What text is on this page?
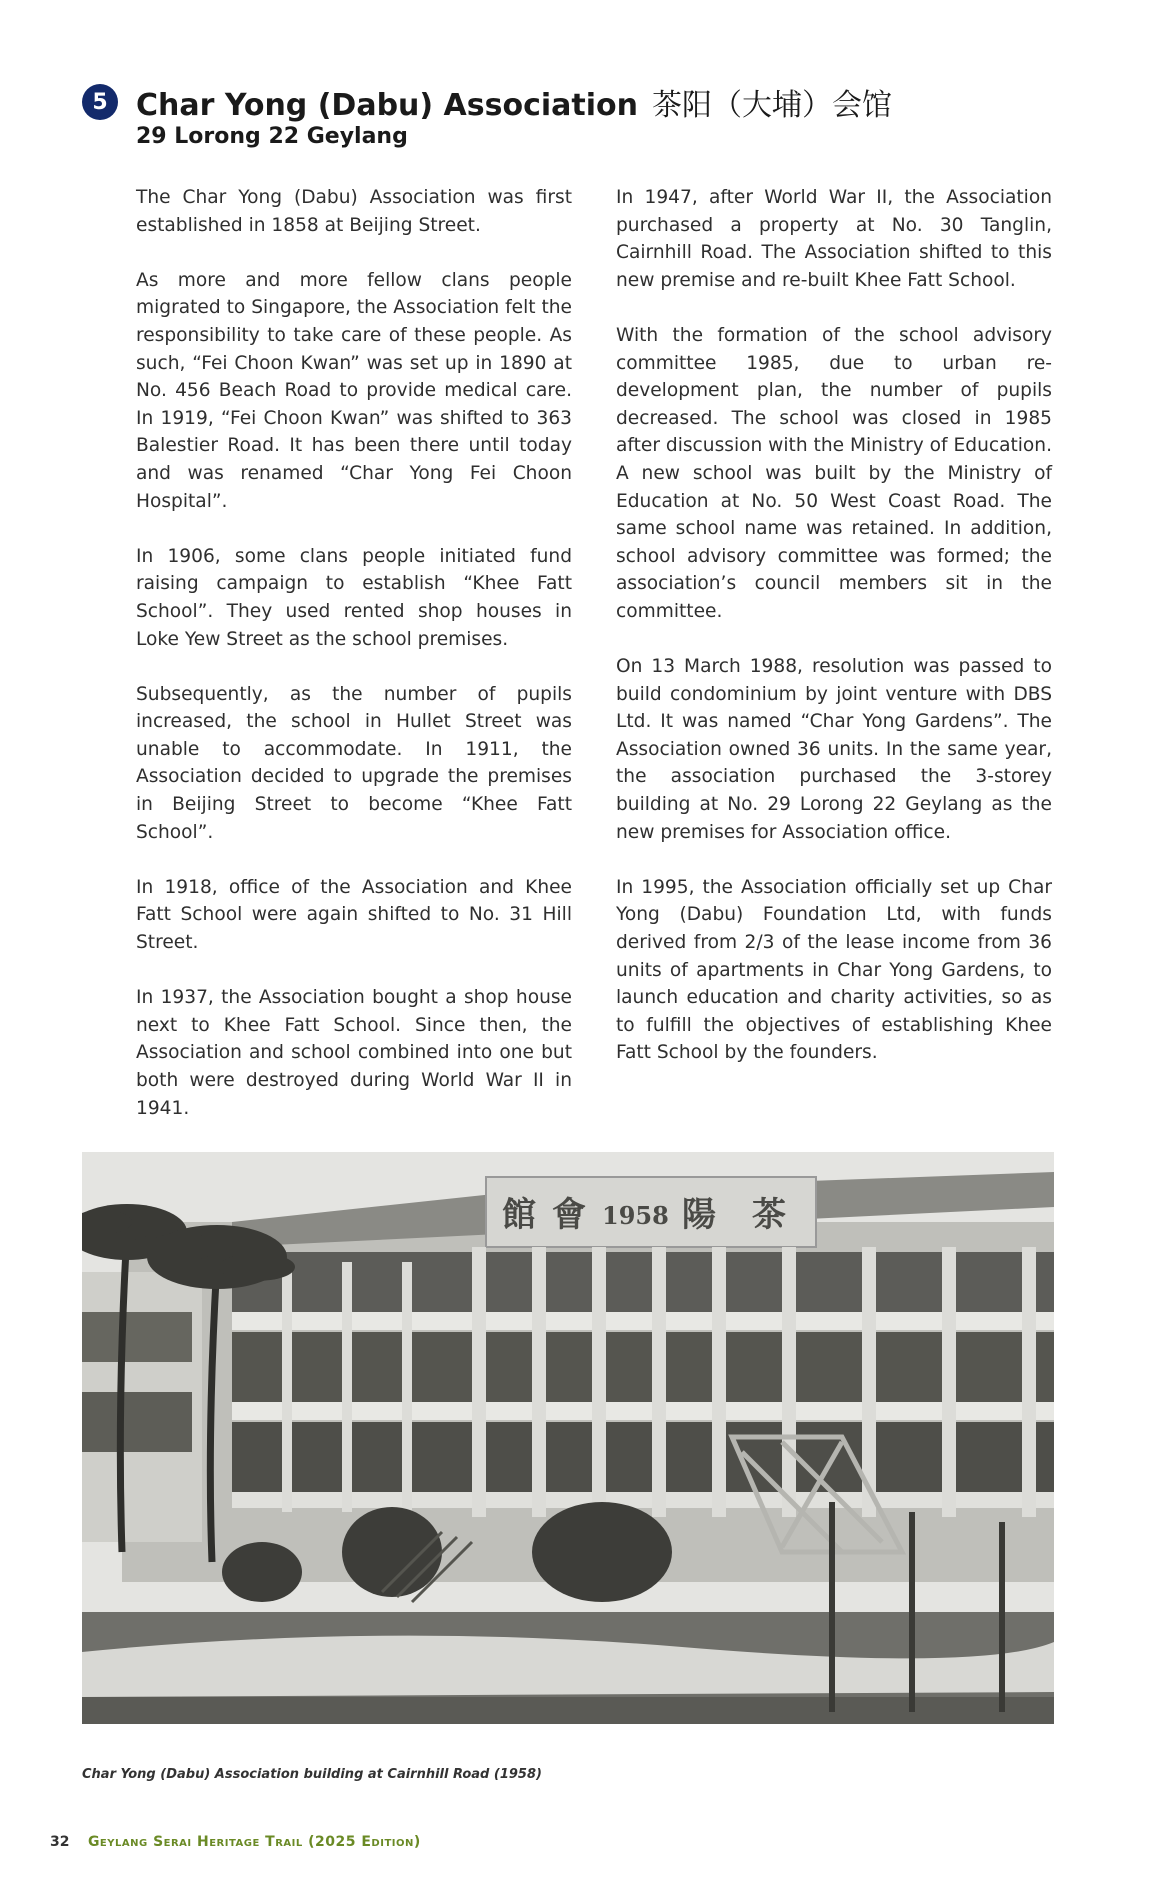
5 Char Yong (Dabu) Association 茶阳（大埔）会馆
29 Lorong 22 Geylang

The Char Yong (Dabu) Association was first established in 1858 at Beijing Street.

As more and more fellow clans people migrated to Singapore, the Association felt the responsibility to take care of these people. As such, “Fei Choon Kwan” was set up in 1890 at No. 456 Beach Road to provide medical care. In 1919, “Fei Choon Kwan” was shifted to 363 Balestier Road. It has been there until today and was renamed “Char Yong Fei Choon Hospital”.

In 1906, some clans people initiated fund raising campaign to establish “Khee Fatt School”. They used rented shop houses in Loke Yew Street as the school premises.

Subsequently, as the number of pupils increased, the school in Hullet Street was unable to accommodate. In 1911, the Association decided to upgrade the premises in Beijing Street to become “Khee Fatt School”.

In 1918, office of the Association and Khee Fatt School were again shifted to No. 31 Hill Street.

In 1937, the Association bought a shop house next to Khee Fatt School. Since then, the Association and school combined into one but both were destroyed during World War II in 1941.

In 1947, after World War II, the Association purchased a property at No. 30 Tanglin, Cairnhill Road. The Association shifted to this new premise and re-built Khee Fatt School.

With the formation of the school advisory committee 1985, due to urban re-development plan, the number of pupils decreased. The school was closed in 1985 after discussion with the Ministry of Education. A new school was built by the Ministry of Education at No. 50 West Coast Road. The same school name was retained. In addition, school advisory committee was formed; the association’s council members sit in the committee.

On 13 March 1988, resolution was passed to build condominium by joint venture with DBS Ltd. It was named “Char Yong Gardens”. The Association owned 36 units. In the same year, the association purchased the 3-storey building at No. 29 Lorong 22 Geylang as the new premises for Association office.

In 1995, the Association officially set up Char Yong (Dabu) Foundation Ltd, with funds derived from 2/3 of the lease income from 36 units of apartments in Char Yong Gardens, to launch education and charity activities, so as to fulfill the objectives of establishing Khee Fatt School by the founders.

館 會 1958 陽 茶
Char Yong (Dabu) Association building at Cairnhill Road (1958)
32 Geylang Serai Heritage Trail (2025 Edition)
